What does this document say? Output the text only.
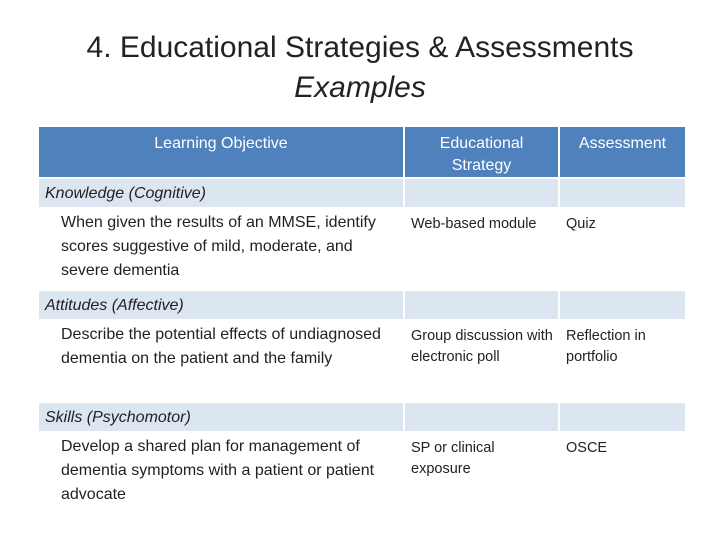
4. Educational Strategies & Assessments
Examples
Learning Objective	Educational Strategy	Assessment
Knowledge (Cognitive)		
When given the results of an MMSE, identify scores suggestive of mild, moderate, and severe dementia	Web-based module	Quiz
Attitudes (Affective)		
Describe the potential effects of undiagnosed dementia on the patient and the family	Group discussion with electronic poll	Reflection in portfolio
Skills (Psychomotor)		
Develop a shared plan for management of dementia symptoms with a patient or patient advocate	SP or clinical exposure	OSCE
